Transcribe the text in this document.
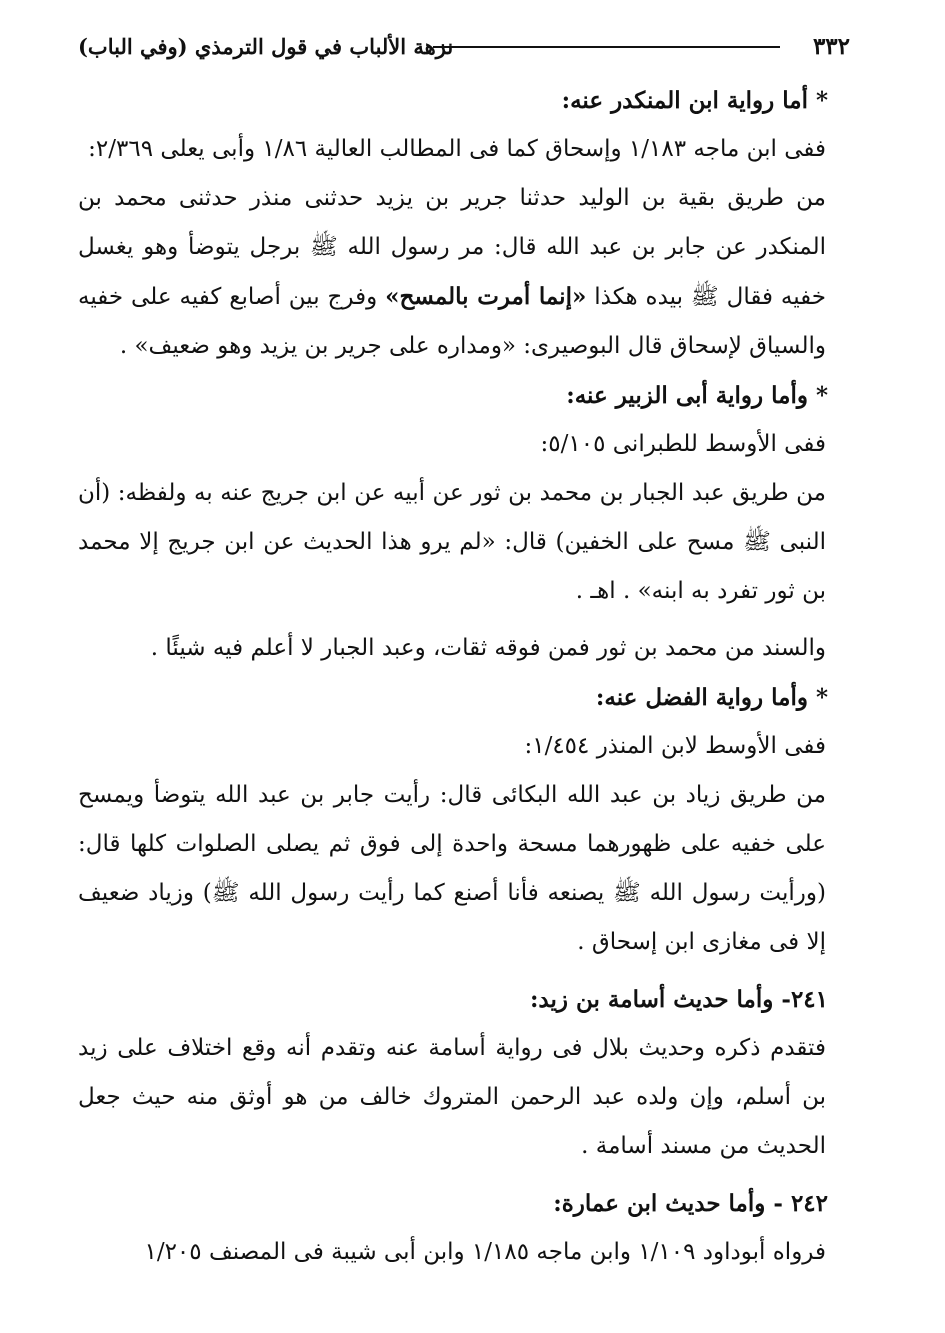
٣٣٢
نزهة الألباب في قول الترمذي (وفي الباب)

* أما رواية ابن المنكدر عنه:

ففى ابن ماجه ١/١٨٣ وإسحاق كما فى المطالب العالية ١/٨٦ وأبى يعلى ٢/٣٦٩:

من طريق بقية بن الوليد حدثنا جرير بن يزيد حدثنى منذر حدثنى محمد بن المنكدر عن جابر بن عبد الله قال: مر رسول الله ﷺ برجل يتوضأ وهو يغسل خفيه فقال ﷺ بيده هكذا «إنما أمرت بالمسح» وفرج بين أصابع كفيه على خفيه والسياق لإسحاق قال البوصيرى: «ومداره على جرير بن يزيد وهو ضعيف» .

* وأما رواية أبى الزبير عنه:

ففى الأوسط للطبرانى ٥/١٠٥:

من طريق عبد الجبار بن محمد بن ثور عن أبيه عن ابن جريج عنه به ولفظه: (أن النبى ﷺ مسح على الخفين) قال: «لم يرو هذا الحديث عن ابن جريج إلا محمد بن ثور تفرد به ابنه» . اهـ .

والسند من محمد بن ثور فمن فوقه ثقات، وعبد الجبار لا أعلم فيه شيئًا .

* وأما رواية الفضل عنه:

ففى الأوسط لابن المنذر ١/٤٥٤:

من طريق زياد بن عبد الله البكائى قال: رأيت جابر بن عبد الله يتوضأ ويمسح على خفيه على ظهورهما مسحة واحدة إلى فوق ثم يصلى الصلوات كلها قال: (ورأيت رسول الله ﷺ يصنعه فأنا أصنع كما رأيت رسول الله ﷺ) وزياد ضعيف إلا فى مغازى ابن إسحاق .

٢٤١- وأما حديث أسامة بن زيد:

فتقدم ذكره وحديث بلال فى رواية أسامة عنه وتقدم أنه وقع اختلاف على زيد بن أسلم، وإن ولده عبد الرحمن المتروك خالف من هو أوثق منه حيث جعل الحديث من مسند أسامة .

٢٤٢ - وأما حديث ابن عمارة:

فرواه أبوداود ١/١٠٩ وابن ماجه ١/١٨٥ وابن أبى شيبة فى المصنف ١/٢٠٥
